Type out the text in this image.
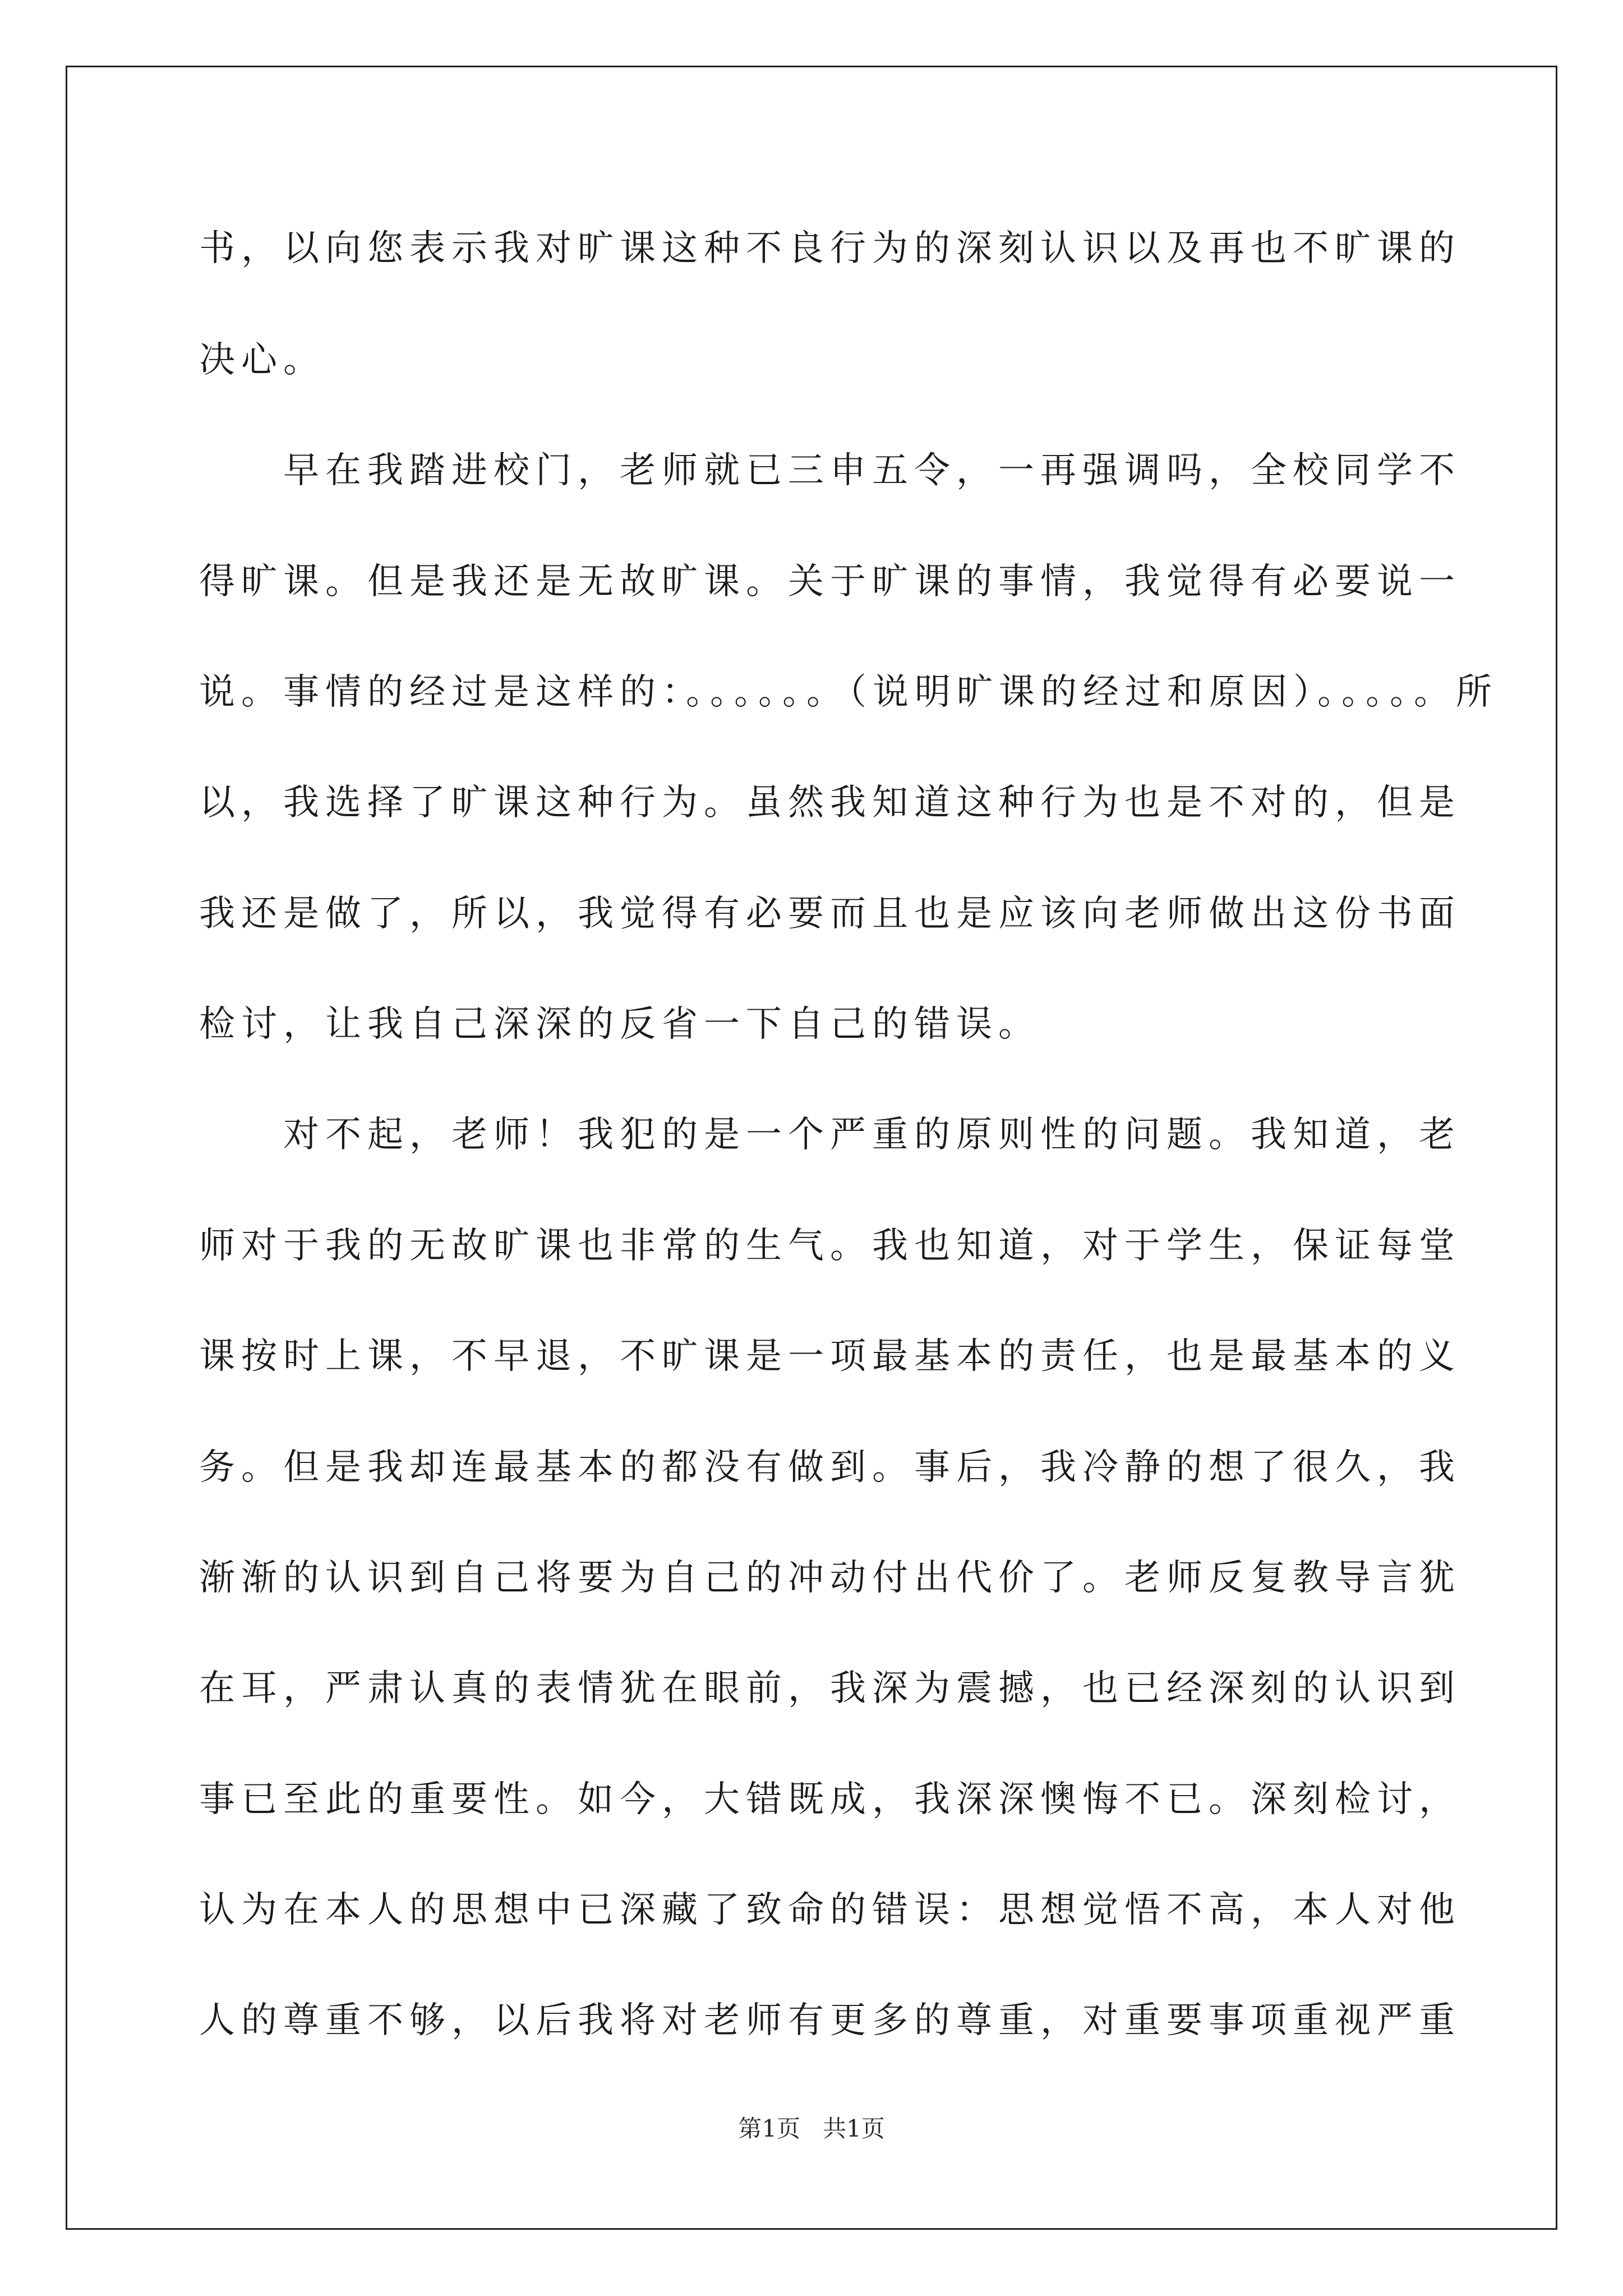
书，以向您表示我对旷课这种不良行为的深刻认识以及再也不旷课的
决心。
早在我踏进校门，老师就已三申五令，一再强调吗，全校同学不
得旷课。但是我还是无故旷课。关于旷课的事情，我觉得有必要说一
说。事情的经过是这样的：。。。。。。（说明旷课的经过和原因）。。。。。所
以，我选择了旷课这种行为。虽然我知道这种行为也是不对的，但是
我还是做了，所以，我觉得有必要而且也是应该向老师做出这份书面
检讨，让我自己深深的反省一下自己的错误。
对不起，老师！我犯的是一个严重的原则性的问题。我知道，老
师对于我的无故旷课也非常的生气。我也知道，对于学生，保证每堂
课按时上课，不早退，不旷课是一项最基本的责任，也是最基本的义
务。但是我却连最基本的都没有做到。事后，我冷静的想了很久，我
渐渐的认识到自己将要为自己的冲动付出代价了。老师反复教导言犹
在耳，严肃认真的表情犹在眼前，我深为震撼，也已经深刻的认识到
事已至此的重要性。如今，大错既成，我深深懊悔不已。深刻检讨，
认为在本人的思想中已深藏了致命的错误：思想觉悟不高，本人对他
人的尊重不够，以后我将对老师有更多的尊重，对重要事项重视严重
第1页   共1页
